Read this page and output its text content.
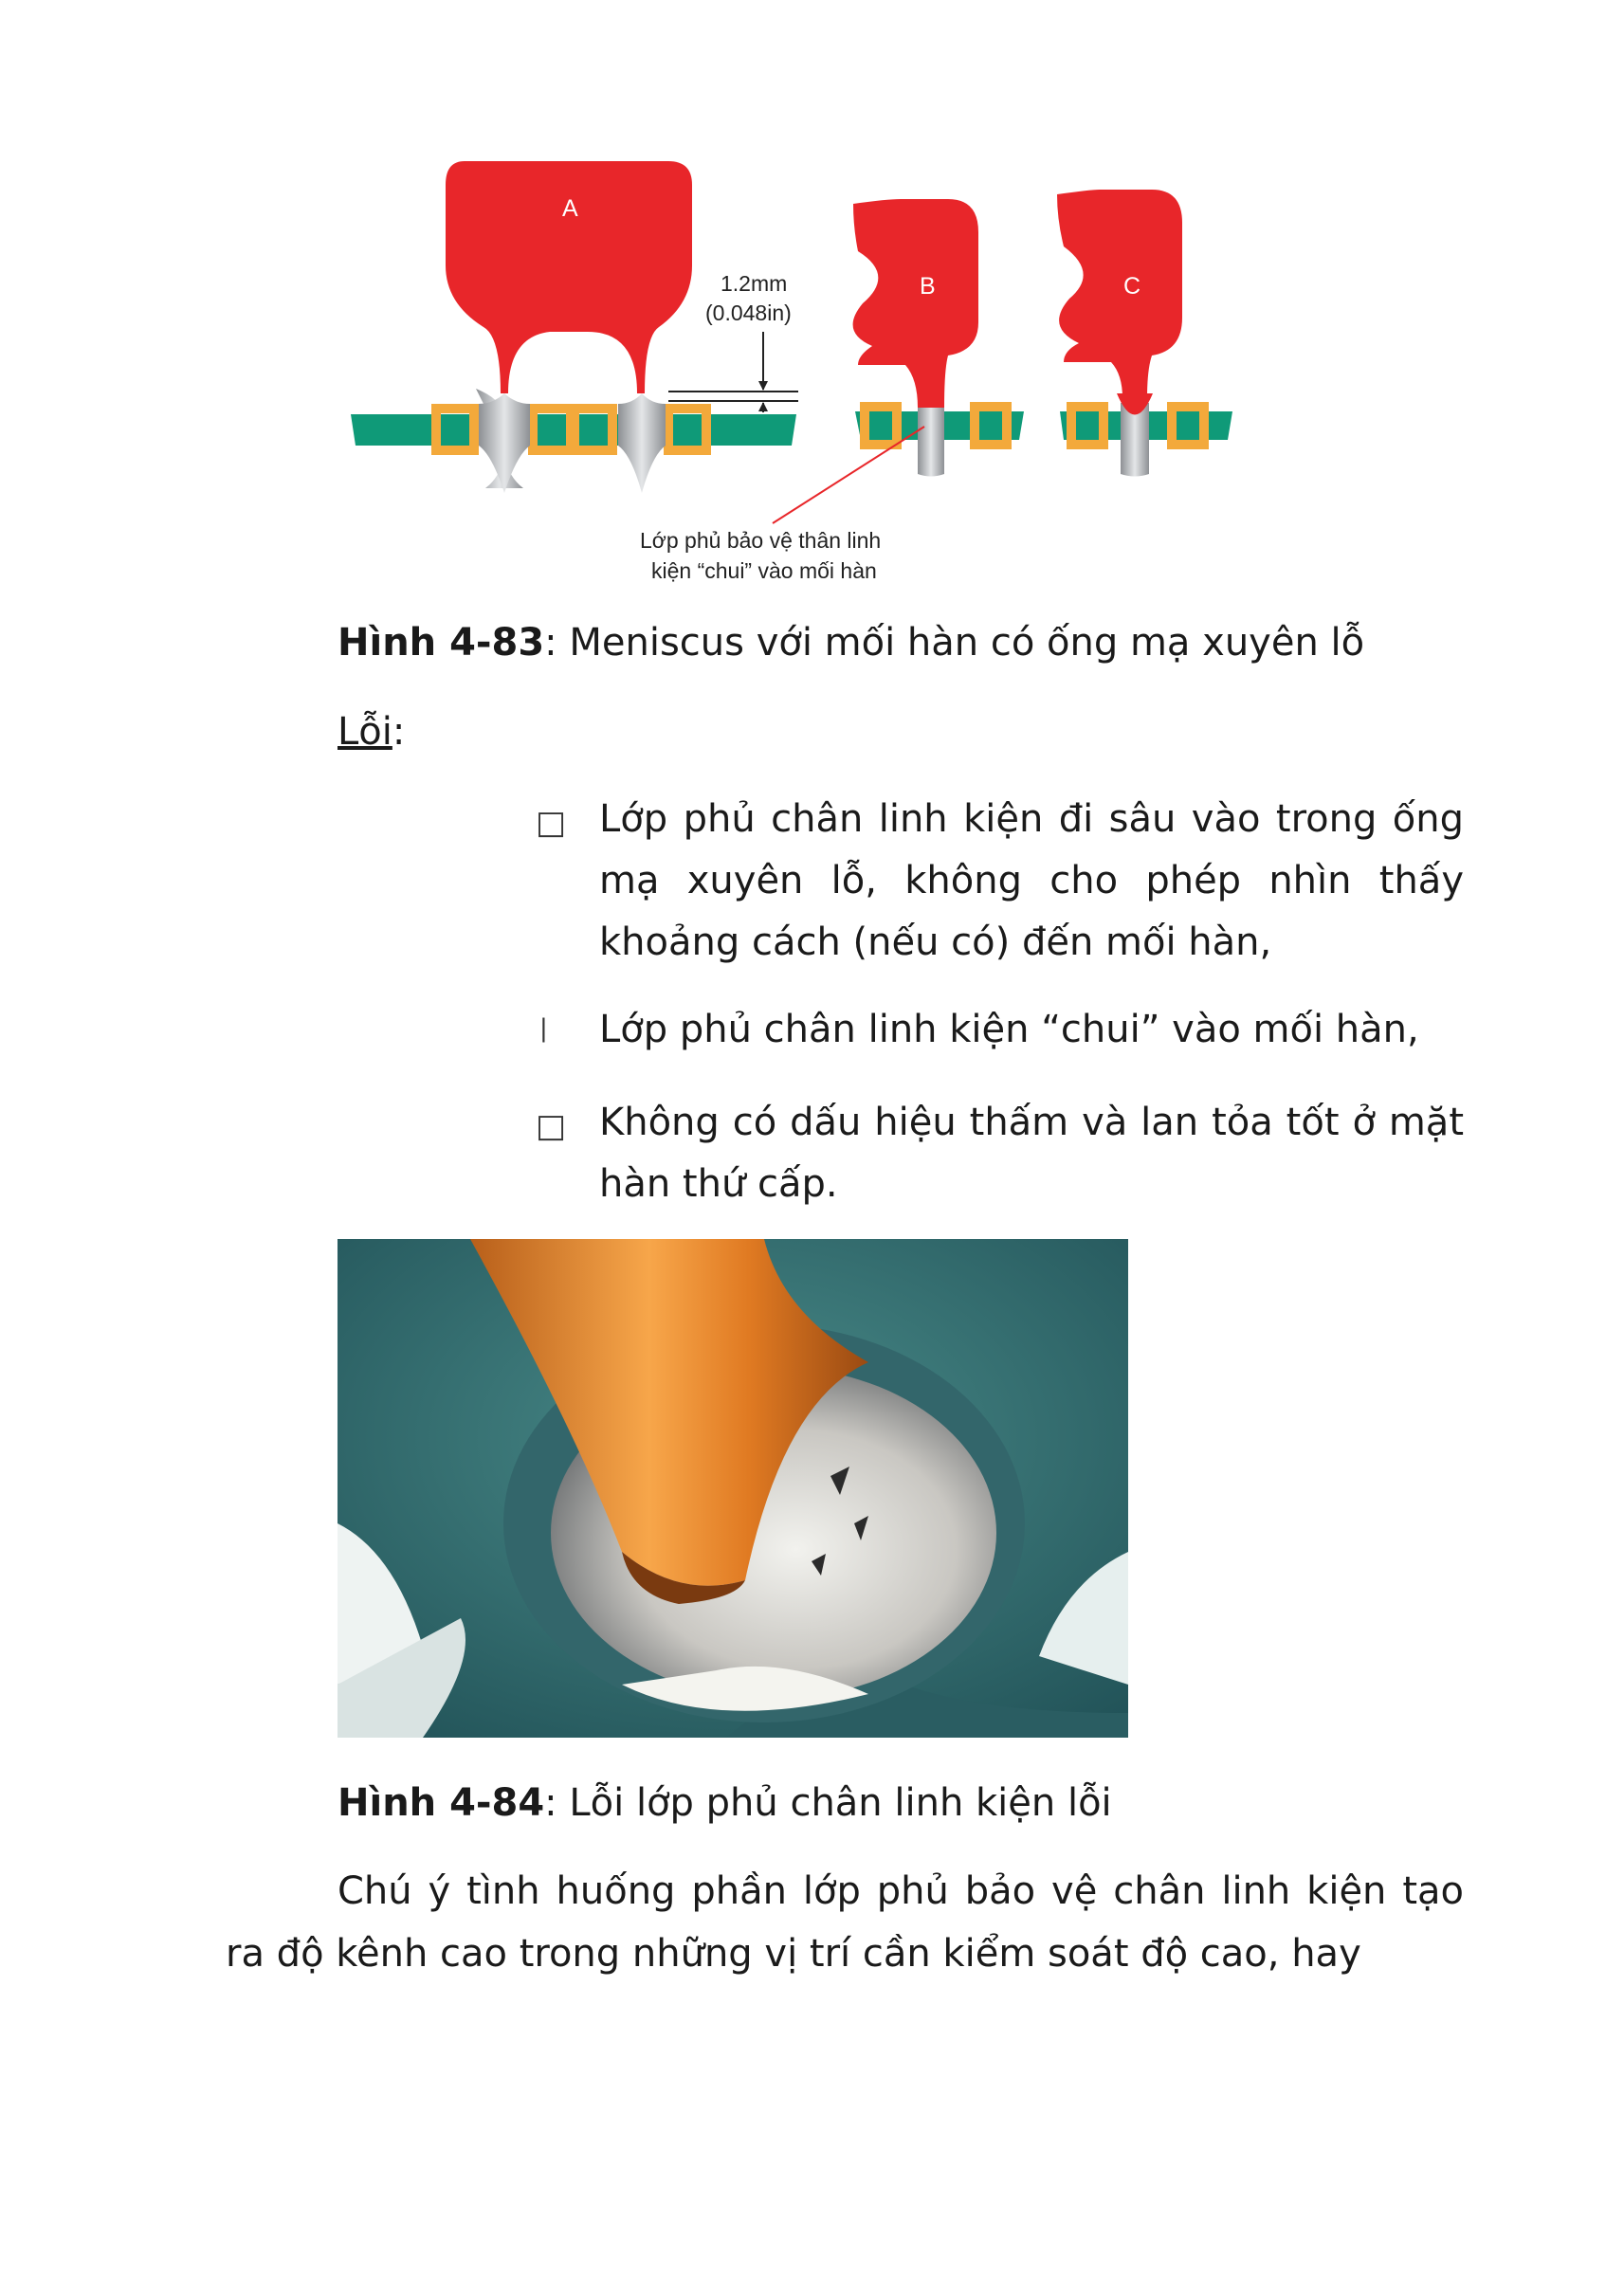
A
1.2mm
(0.048in)
B	C
Lớp phủ bảo vệ thân linh
kiện “chui” vào mối hàn
Hình 4-83: Meniscus với mối hàn có ống mạ xuyên lỗ
Lỗi:
□ Lớp phủ chân linh kiện đi sâu vào trong ống mạ xuyên lỗ, không cho phép nhìn thấy khoảng cách (nếu có) đến mối hàn,
| Lớp phủ chân linh kiện “chui” vào mối hàn,
□ Không có dấu hiệu thấm và lan tỏa tốt ở mặt hàn thứ cấp.
Hình 4-84: Lỗi lớp phủ chân linh kiện lỗi
Chú ý tình huống phần lớp phủ bảo vệ chân linh kiện tạo ra độ kênh cao trong những vị trí cần kiểm soát độ cao, hay
